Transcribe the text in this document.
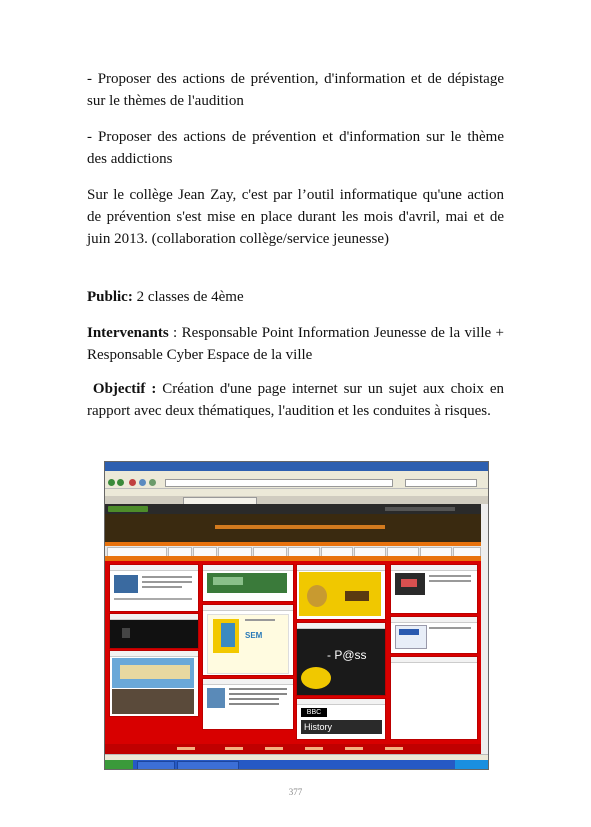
- Proposer des actions de prévention, d'information et de dépistage sur le thèmes de l'audition
- Proposer des actions de prévention et d'information sur le thème des addictions
Sur le collège Jean Zay, c'est par l’outil informatique qu'une action de prévention s'est mise en place durant les mois d'avril, mai et de juin 2013. (collaboration collège/service jeunesse)
Public: 2 classes de 4ème
Intervenants : Responsable Point Information Jeunesse de la ville + Responsable Cyber Espace de la ville
Objectif : Création d'une page internet sur un sujet aux choix en rapport avec deux thématiques, l'audition et les conduites à risques.
SEM
- P@ss
BBC
History
377
